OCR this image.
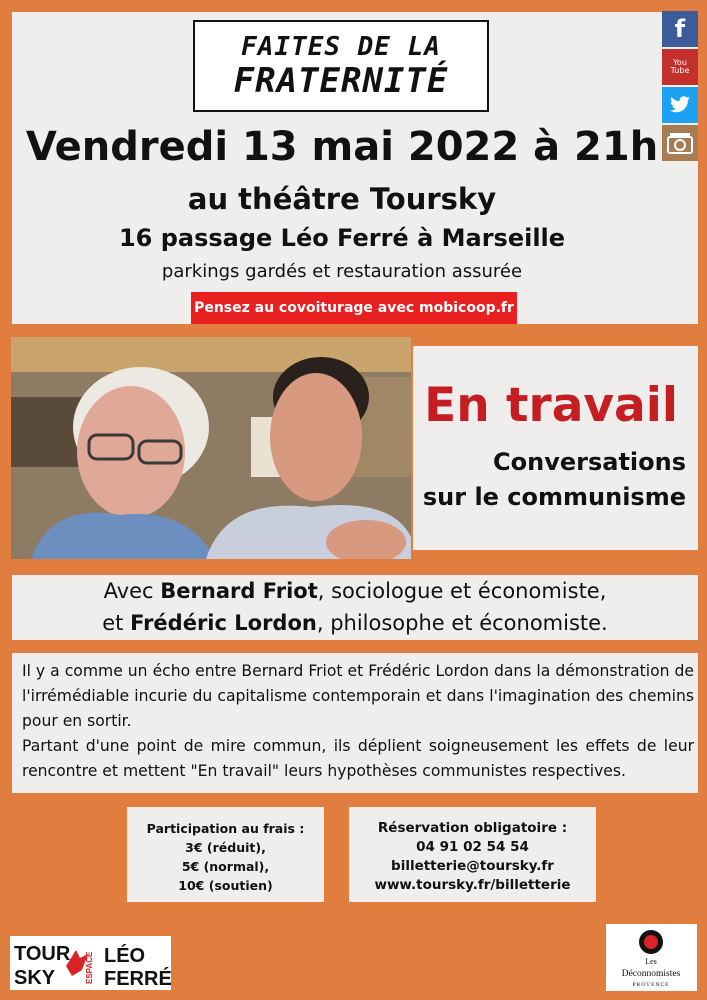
FAITES DE LA
FRATERNITÉ
Vendredi 13 mai 2022 à 21h
au théâtre Toursky
16 passage Léo Ferré à Marseille
parkings gardés et restauration assurée
Pensez au covoiturage avec mobicoop.fr
f
You
Tube
En travail
Conversations
sur le communisme
Avec Bernard Friot, sociologue et économiste,
et Frédéric Lordon, philosophe et économiste.

Il y a comme un écho entre Bernard Friot et Frédéric Lordon dans la démonstration de l'irrémédiable incurie du capitalisme contemporain et dans l'imagination des chemins pour en sortir.

Partant d'une point de mire commun, ils déplient soigneusement les effets de leur rencontre et mettent "En travail" leurs hypothèses communistes respectives.

Participation au frais :
3€ (réduit),
5€ (normal),
10€ (soutien)
Réservation obligatoire :
04 91 02 54 54
billetterie@toursky.fr
www.toursky.fr/billetterie
TOUR
SKY	ESPACE LÉO
FERRÉ
Les
Déconnomistes
PROVENCE
